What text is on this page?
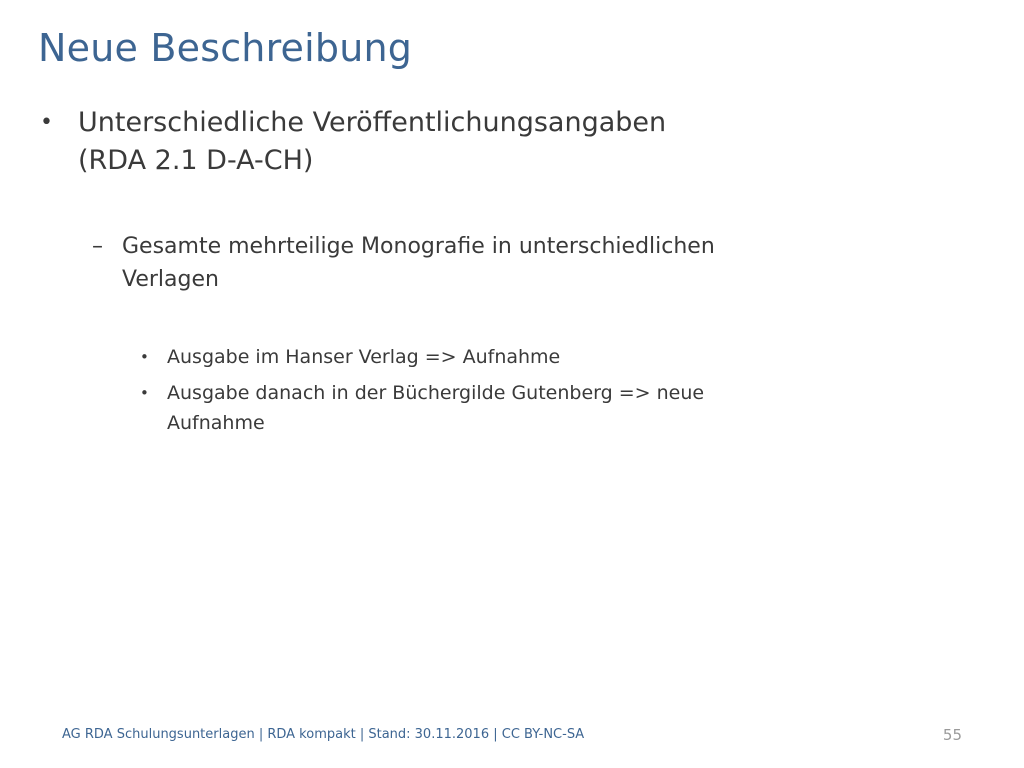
Neue Beschreibung
• Unterschiedliche Veröffentlichungsangaben
(RDA 2.1 D-A-CH)
– Gesamte mehrteilige Monografie in unterschiedlichen
Verlagen
• Ausgabe im Hanser Verlag => Aufnahme
• Ausgabe danach in der Büchergilde Gutenberg => neue
Aufnahme
AG RDA Schulungsunterlagen | RDA kompakt | Stand: 30.11.2016 | CC BY-NC-SA	55
